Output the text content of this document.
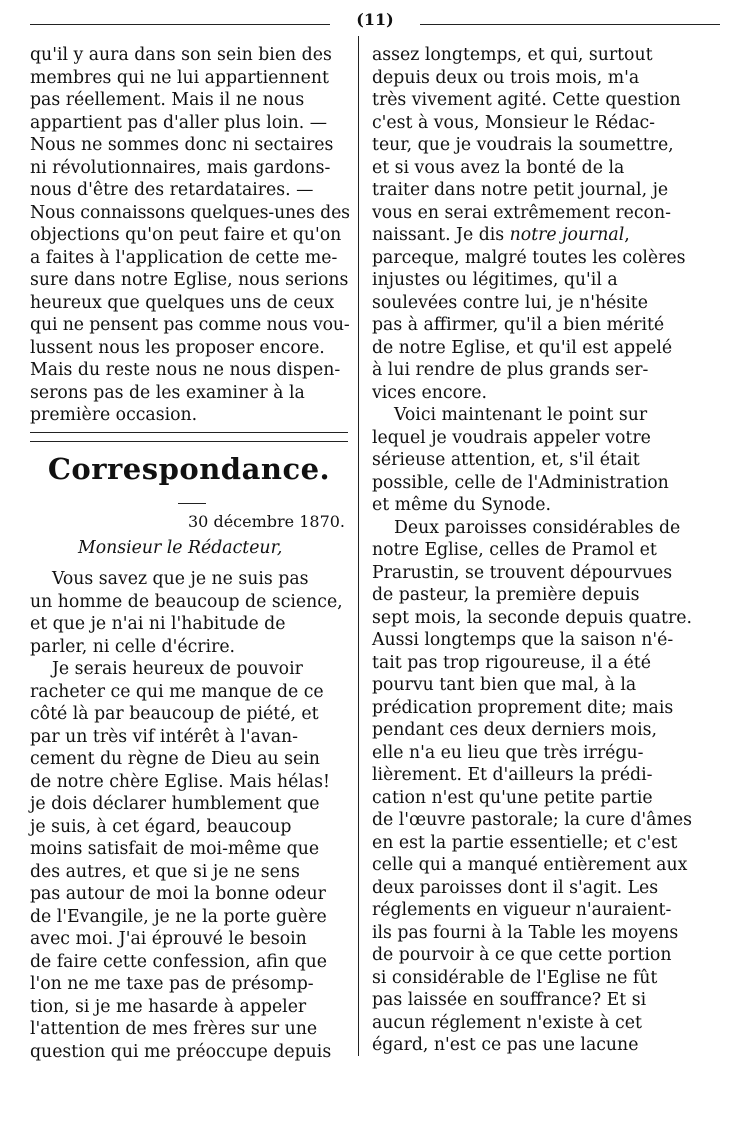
(11)

qu'il y aura dans son sein bien des
membres qui ne lui appartiennent
pas réellement. Mais il ne nous
appartient pas d'aller plus loin. —
Nous ne sommes donc ni sectaires
ni révolutionnaires, mais gardons-
nous d'être des retardataires. —
Nous connaissons quelques-unes des
objections qu'on peut faire et qu'on
a faites à l'application de cette me-
sure dans notre Eglise, nous serions
heureux que quelques uns de ceux
qui ne pensent pas comme nous vou-
lussent nous les proposer encore.
Mais du reste nous ne nous dispen-
serons pas de les examiner à la
première occasion.

Correspondance.
30 décembre 1870.
Monsieur le Rédacteur,

Vous savez que je ne suis pas
un homme de beaucoup de science,
et que je n'ai ni l'habitude de
parler, ni celle d'écrire.
Je serais heureux de pouvoir
racheter ce qui me manque de ce
côté là par beaucoup de piété, et
par un très vif intérêt à l'avan-
cement du règne de Dieu au sein
de notre chère Eglise. Mais hélas!
je dois déclarer humblement que
je suis, à cet égard, beaucoup
moins satisfait de moi-même que
des autres, et que si je ne sens
pas autour de moi la bonne odeur
de l'Evangile, je ne la porte guère
avec moi. J'ai éprouvé le besoin
de faire cette confession, afin que
l'on ne me taxe pas de présomp-
tion, si je me hasarde à appeler
l'attention de mes frères sur une
question qui me préoccupe depuis

assez longtemps, et qui, surtout
depuis deux ou trois mois, m'a
très vivement agité. Cette question
c'est à vous, Monsieur le Rédac-
teur, que je voudrais la soumettre,
et si vous avez la bonté de la
traiter dans notre petit journal, je
vous en serai extrêmement recon-
naissant. Je dis notre journal,
parceque, malgré toutes les colères
injustes ou légitimes, qu'il a
soulevées contre lui, je n'hésite
pas à affirmer, qu'il a bien mérité
de notre Eglise, et qu'il est appelé
à lui rendre de plus grands ser-
vices encore.
Voici maintenant le point sur
lequel je voudrais appeler votre
sérieuse attention, et, s'il était
possible, celle de l'Administration
et même du Synode.
Deux paroisses considérables de
notre Eglise, celles de Pramol et
Prarustin, se trouvent dépourvues
de pasteur, la première depuis
sept mois, la seconde depuis quatre.
Aussi longtemps que la saison n'é-
tait pas trop rigoureuse, il a été
pourvu tant bien que mal, à la
prédication proprement dite; mais
pendant ces deux derniers mois,
elle n'a eu lieu que très irrégu-
lièrement. Et d'ailleurs la prédi-
cation n'est qu'une petite partie
de l'œuvre pastorale; la cure d'âmes
en est la partie essentielle; et c'est
celle qui a manqué entièrement aux
deux paroisses dont il s'agit. Les
réglements en vigueur n'auraient-
ils pas fourni à la Table les moyens
de pourvoir à ce que cette portion
si considérable de l'Eglise ne fût
pas laissée en souffrance? Et si
aucun réglement n'existe à cet
égard, n'est ce pas une lacune
